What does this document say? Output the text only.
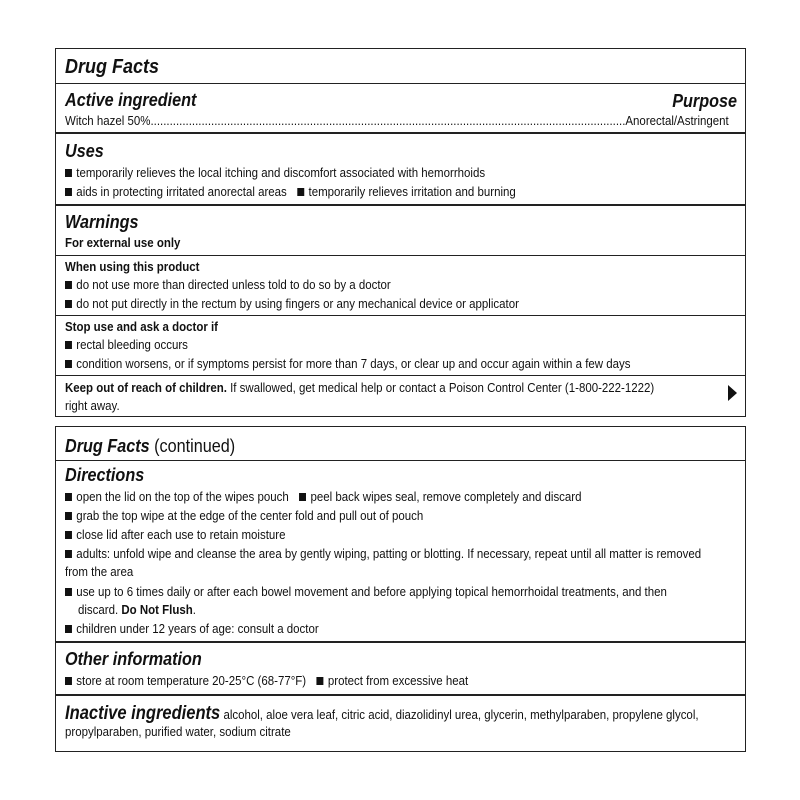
Drug Facts
Active ingredient	Purpose
Witch hazel 50%.....................................................................................................................................................Anorectal/Astringent
Uses
temporarily relieves the local itching and discomfort associated with hemorrhoids
aids in protecting irritated anorectal areas temporarily relieves irritation and burning
Warnings
For external use only
When using this product
do not use more than directed unless told to do so by a doctor
do not put directly in the rectum by using fingers or any mechanical device or applicator
Stop use and ask a doctor if
rectal bleeding occurs
condition worsens, or if symptoms persist for more than 7 days, or clear up and occur again within a few days
Keep out of reach of children. If swallowed, get medical help or contact a Poison Control Center (1-800-222-1222)
right away.
Drug Facts (continued)
Directions
open the lid on the top of the wipes pouch peel back wipes seal, remove completely and discard
grab the top wipe at the edge of the center fold and pull out of pouch
close lid after each use to retain moisture
adults: unfold wipe and cleanse the area by gently wiping, patting or blotting. If necessary, repeat until all matter is removed
from the area
use up to 6 times daily or after each bowel movement and before applying topical hemorrhoidal treatments, and then
discard. Do Not Flush.
children under 12 years of age: consult a doctor
Other information
store at room temperature 20-25°C (68-77°F) protect from excessive heat
Inactive ingredients alcohol, aloe vera leaf, citric acid, diazolidinyl urea, glycerin, methylparaben, propylene glycol,
propylparaben, purified water, sodium citrate
